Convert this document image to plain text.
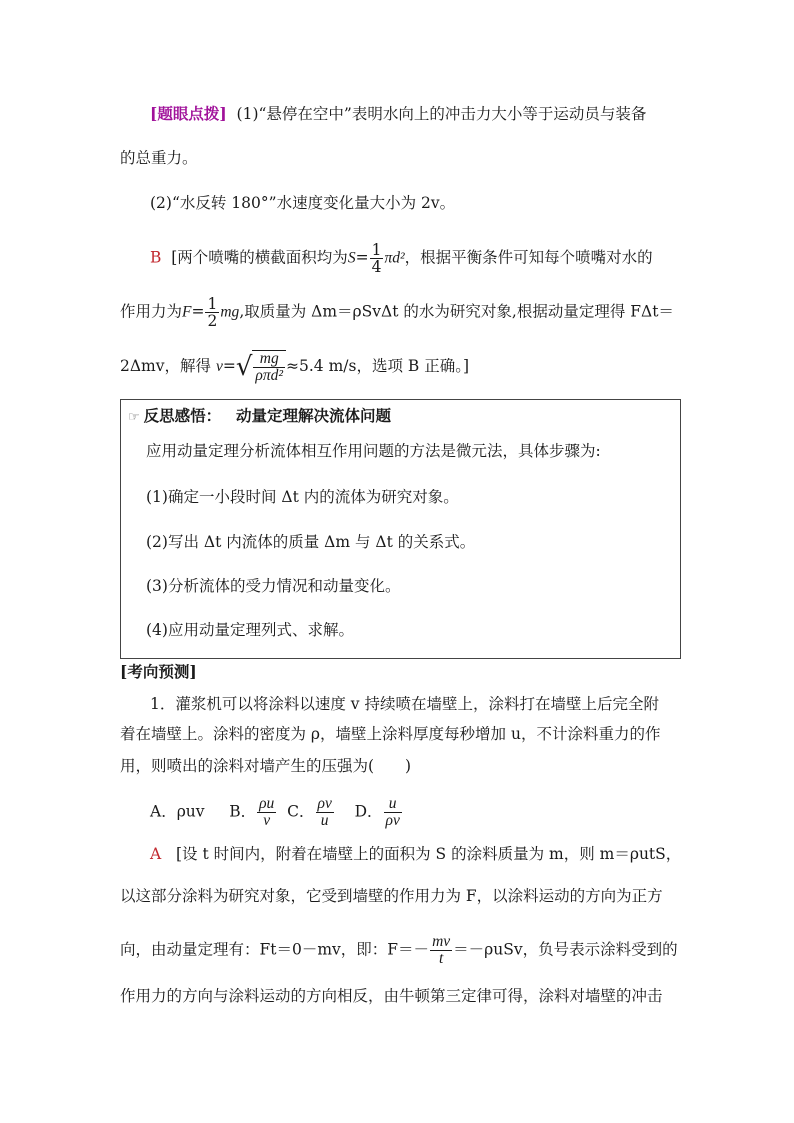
[题眼点拨] (1)“悬停在空中”表明水向上的冲击力大小等于运动员与装备
的总重力。
(2)“水反转 180°”水速度变化量大小为 2v。
B [两个喷嘴的横截面积均为$S= \frac{1}{4} \pi d^2$，根据平衡条件可知每个喷嘴对水的
作用力为$F= \frac{1}{2}$ mg,取质量为 Δm＝ρSvΔt 的水为研究对象,根据动量定理得 FΔt＝
2Δmv，解得 $v=√ \frac{mg}{\text{ρπd²}} \approx 5.4$ m/s，选项 B 正确。]
☞ 反思感悟： 动量定理解决流体问题
应用动量定理分析流体相互作用问题的方法是微元法，具体步骤为:
(1)确定一小段时间 Δt 内的流体为研究对象。
(2)写出 Δt 内流体的质量 Δm 与 Δt 的关系式。
(3)分析流体的受力情况和动量变化。
(4)应用动量定理列式、求解。
[考向预测]
1．灌浆机可以将涂料以速度 v 持续喷在墙壁上，涂料打在墙壁上后完全附
着在墙壁上。涂料的密度为 ρ，墙壁上涂料厚度每秒增加 u，不计涂料重力的作
用，则喷出的涂料对墙产生的压强为(　　)
A．ρuv B． $\frac{\rho u}{v}$ C． $\frac{\rho v}{u}$ D． $\frac{u}{\rho v}$
A [设 t 时间内，附着在墙壁上的面积为 S 的涂料质量为 m，则 m＝ρutS，
以这部分涂料为研究对象，它受到墙壁的作用力为 F，以涂料运动的方向为正方
向，由动量定理有：Ft＝0－mv，即：$F=- \frac{mv}{t} =-\rho uSv$，负号表示涂料受到的
作用力的方向与涂料运动的方向相反，由牛顿第三定律可得，涂料对墙壁的冲击
